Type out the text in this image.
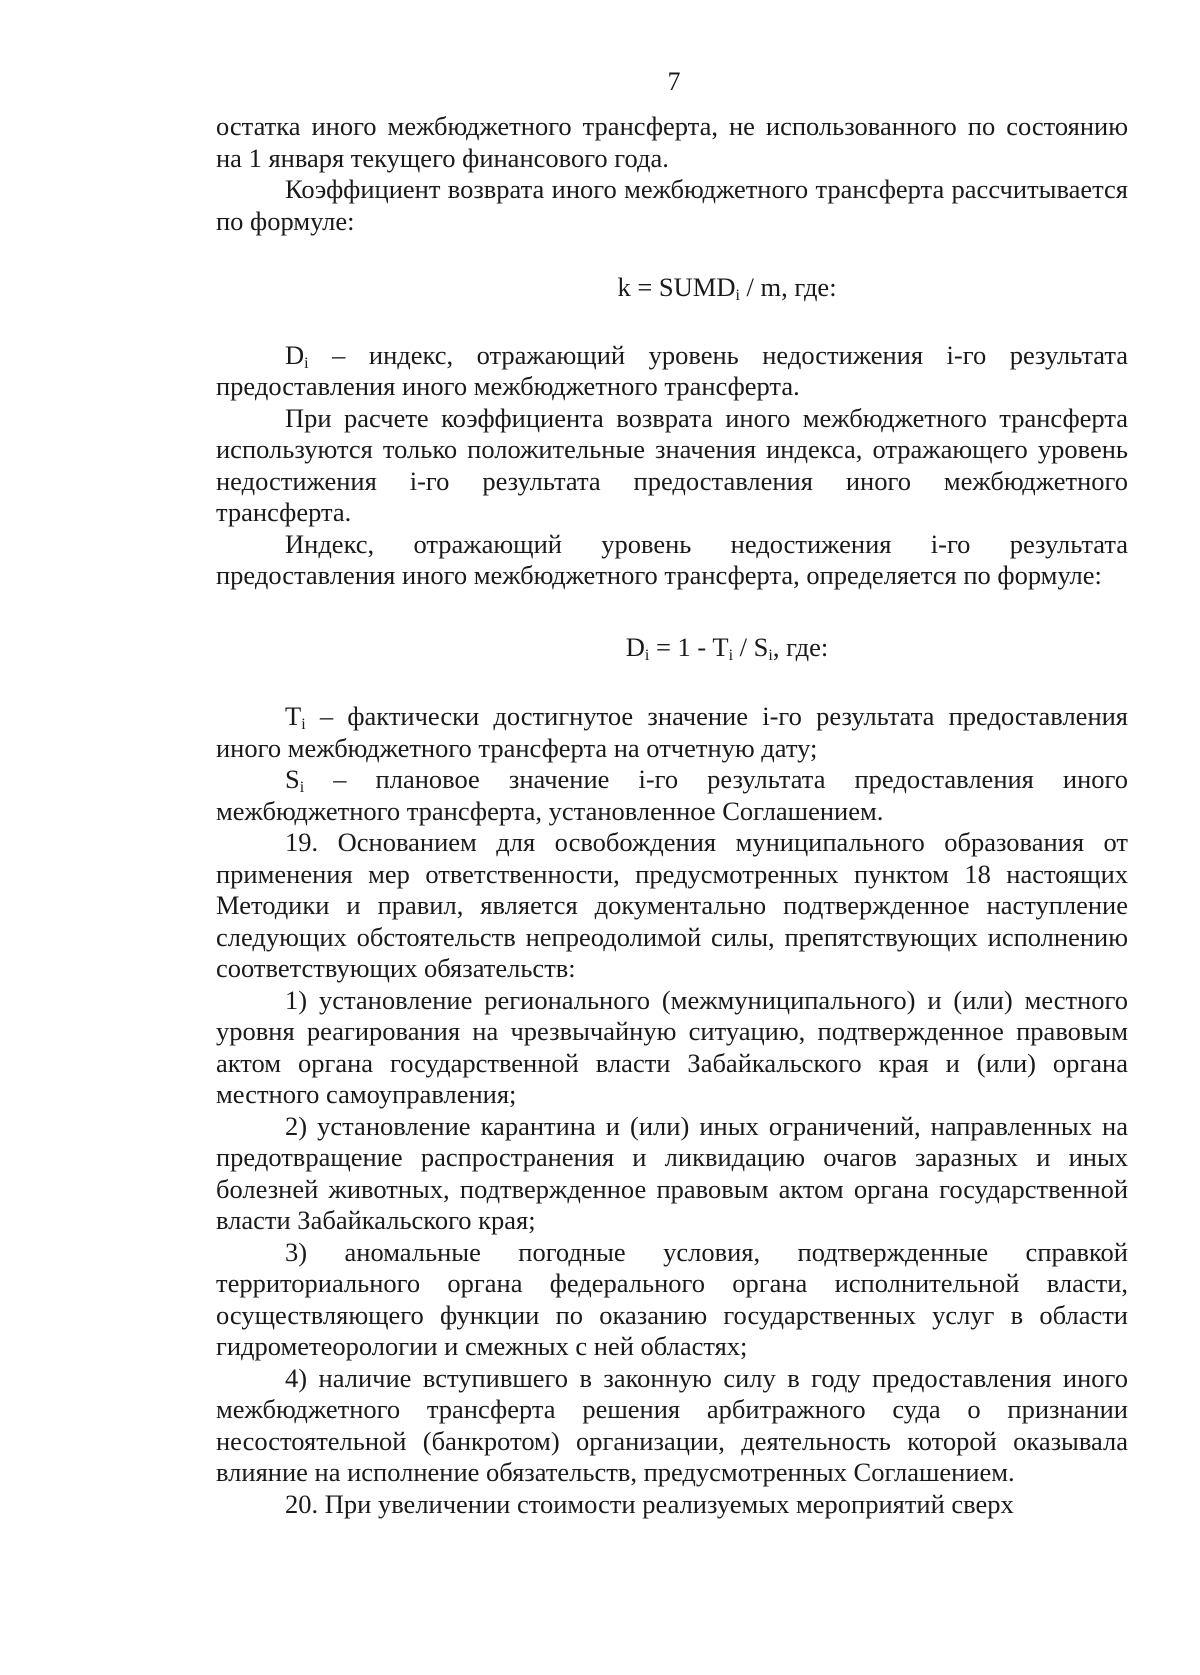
7

остатка иного межбюджетного трансферта, не использованного по состоянию на 1 января текущего финансового года.

Коэффициент возврата иного межбюджетного трансферта рассчитывается по формуле:

$k = SUMD_i / m$, где:

$D_i$ – индекс, отражающий уровень недостижения i-го результата предоставления иного межбюджетного трансферта.

При расчете коэффициента возврата иного межбюджетного трансферта используются только положительные значения индекса, отражающего уровень недостижения i-го результата предоставления иного межбюджетного трансферта.

Индекс, отражающий уровень недостижения i-го результата предоставления иного межбюджетного трансферта, определяется по формуле:

$D_i = 1 - T_i / S_i$, где:

$T_i$ – фактически достигнутое значение i-го результата предоставления иного межбюджетного трансферта на отчетную дату;

$S_i$ – плановое значение i-го результата предоставления иного межбюджетного трансферта, установленное Соглашением.

19. Основанием для освобождения муниципального образования от применения мер ответственности, предусмотренных пунктом 18 настоящих Методики и правил, является документально подтвержденное наступление следующих обстоятельств непреодолимой силы, препятствующих исполнению соответствующих обязательств:

1) установление регионального (межмуниципального) и (или) местного уровня реагирования на чрезвычайную ситуацию, подтвержденное правовым актом органа государственной власти Забайкальского края и (или) органа местного самоуправления;

2) установление карантина и (или) иных ограничений, направленных на предотвращение распространения и ликвидацию очагов заразных и иных болезней животных, подтвержденное правовым актом органа государственной власти Забайкальского края;

3) аномальные погодные условия, подтвержденные справкой территориального органа федерального органа исполнительной власти, осуществляющего функции по оказанию государственных услуг в области гидрометеорологии и смежных с ней областях;

4) наличие вступившего в законную силу в году предоставления иного межбюджетного трансферта решения арбитражного суда о признании несостоятельной (банкротом) организации, деятельность которой оказывала влияние на исполнение обязательств, предусмотренных Соглашением.

20. При увеличении стоимости реализуемых мероприятий сверх
